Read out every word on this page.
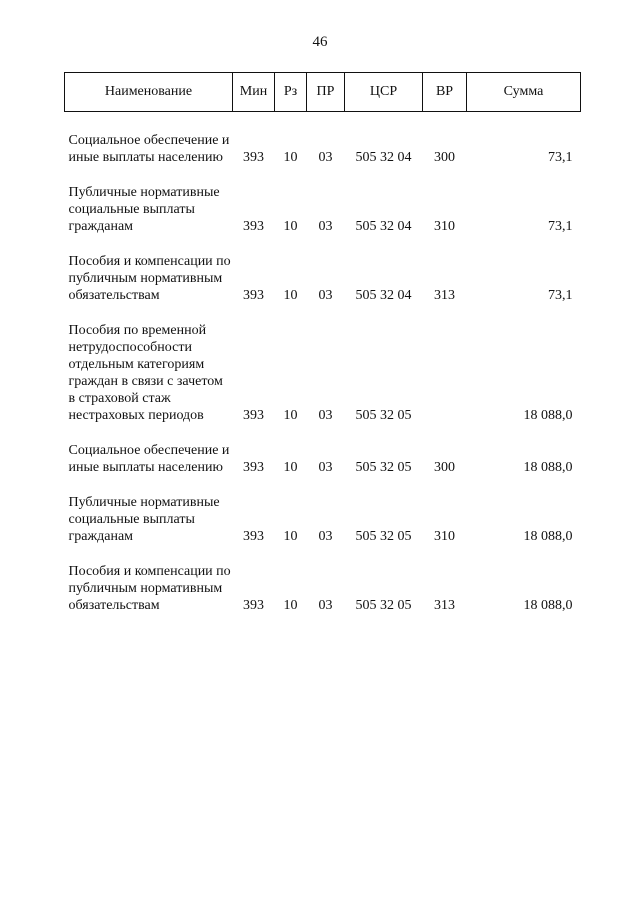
46
Наименование	Мин	Рз	ПР	ЦСР	ВР	Сумма
Социальное обеспечение и иные выплаты населению	393	10	03	505 32 04	300	73,1
Публичные нормативные социальные выплаты гражданам	393	10	03	505 32 04	310	73,1
Пособия и компенсации по публичным нормативным обязательствам	393	10	03	505 32 04	313	73,1
Пособия по временной нетрудоспособности отдельным категориям граждан в связи с зачетом в страховой стаж нестраховых периодов	393	10	03	505 32 05		18 088,0
Социальное обеспечение и иные выплаты населению	393	10	03	505 32 05	300	18 088,0
Публичные нормативные социальные выплаты гражданам	393	10	03	505 32 05	310	18 088,0
Пособия и компенсации по публичным нормативным обязательствам	393	10	03	505 32 05	313	18 088,0
